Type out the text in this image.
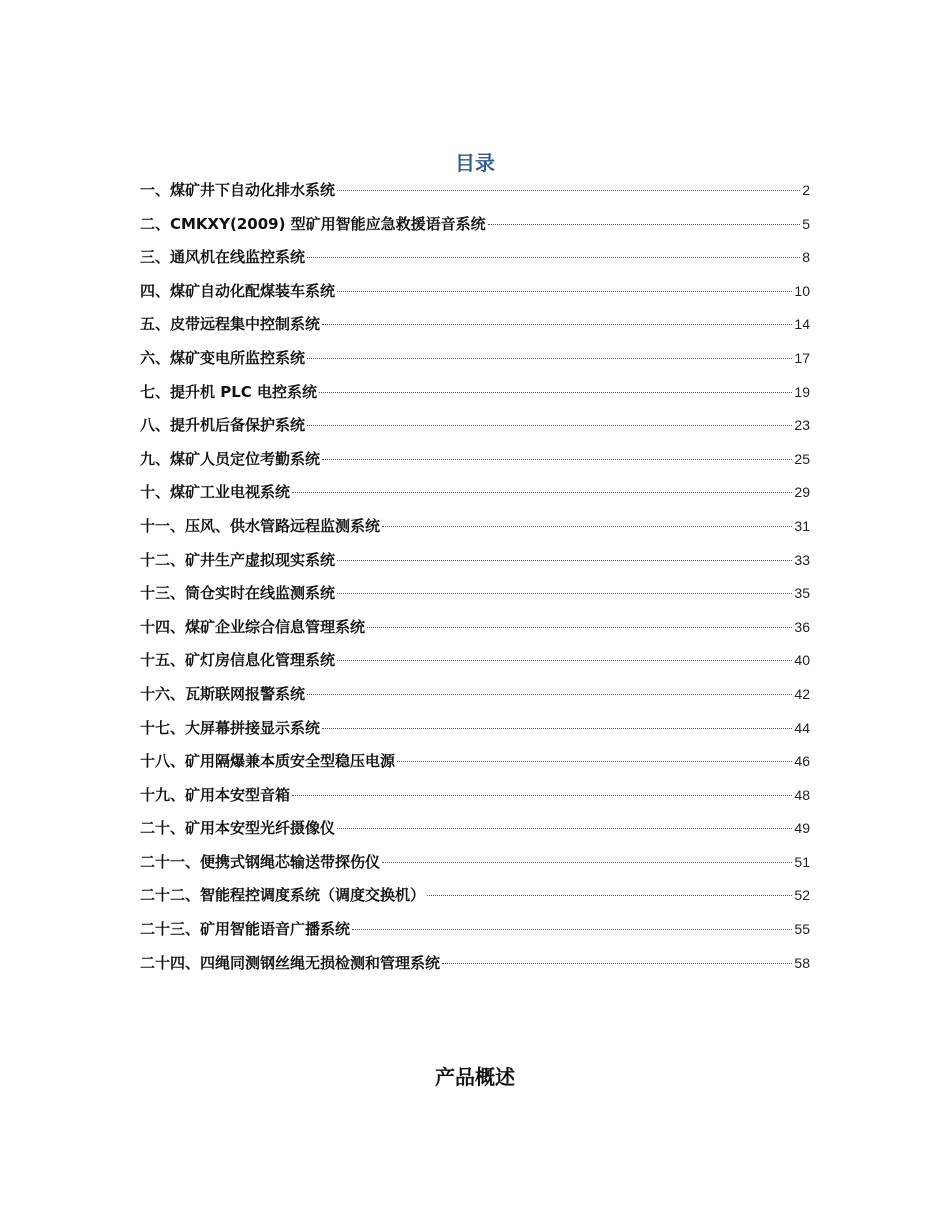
目录
一、煤矿井下自动化排水系统	2
二、CMKXY(2009) 型矿用智能应急救援语音系统	5
三、通风机在线监控系统	8
四、煤矿自动化配煤装车系统	10
五、皮带远程集中控制系统	14
六、煤矿变电所监控系统	17
七、提升机 PLC 电控系统	19
八、提升机后备保护系统	23
九、煤矿人员定位考勤系统	25
十、煤矿工业电视系统	29
十一、压风、供水管路远程监测系统	31
十二、矿井生产虚拟现实系统	33
十三、筒仓实时在线监测系统	35
十四、煤矿企业综合信息管理系统	36
十五、矿灯房信息化管理系统	40
十六、瓦斯联网报警系统	42
十七、大屏幕拼接显示系统	44
十八、矿用隔爆兼本质安全型稳压电源	46
十九、矿用本安型音箱	48
二十、矿用本安型光纤摄像仪	49
二十一、便携式钢绳芯输送带探伤仪	51
二十二、智能程控调度系统（调度交换机）	52
二十三、矿用智能语音广播系统	55
二十四、四绳同测钢丝绳无损检测和管理系统	58
产品概述
